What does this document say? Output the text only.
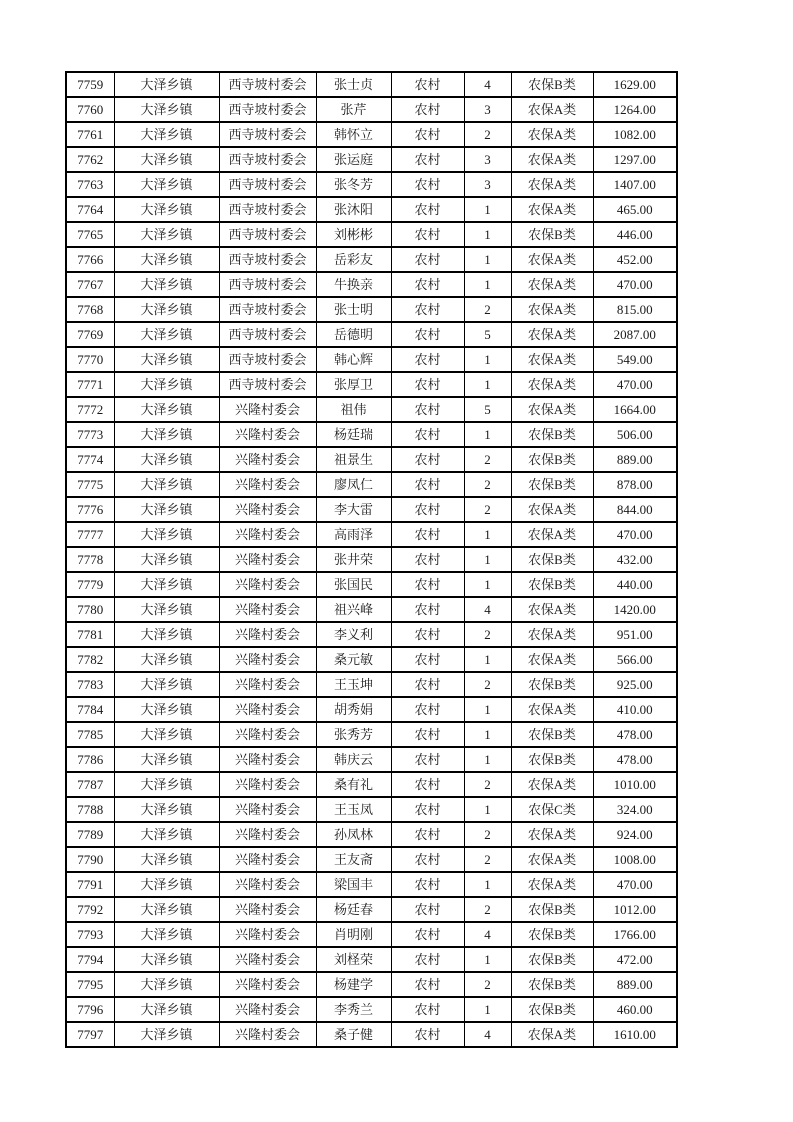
7759	大泽乡镇	西寺坡村委会	张士贞	农村	4	农保B类	1629.00
7760	大泽乡镇	西寺坡村委会	张芹	农村	3	农保A类	1264.00
7761	大泽乡镇	西寺坡村委会	韩怀立	农村	2	农保A类	1082.00
7762	大泽乡镇	西寺坡村委会	张运庭	农村	3	农保A类	1297.00
7763	大泽乡镇	西寺坡村委会	张冬芳	农村	3	农保A类	1407.00
7764	大泽乡镇	西寺坡村委会	张沐阳	农村	1	农保A类	465.00
7765	大泽乡镇	西寺坡村委会	刘彬彬	农村	1	农保B类	446.00
7766	大泽乡镇	西寺坡村委会	岳彩友	农村	1	农保A类	452.00
7767	大泽乡镇	西寺坡村委会	牛换亲	农村	1	农保A类	470.00
7768	大泽乡镇	西寺坡村委会	张士明	农村	2	农保A类	815.00
7769	大泽乡镇	西寺坡村委会	岳德明	农村	5	农保A类	2087.00
7770	大泽乡镇	西寺坡村委会	韩心辉	农村	1	农保A类	549.00
7771	大泽乡镇	西寺坡村委会	张厚卫	农村	1	农保A类	470.00
7772	大泽乡镇	兴隆村委会	祖伟	农村	5	农保A类	1664.00
7773	大泽乡镇	兴隆村委会	杨廷瑞	农村	1	农保B类	506.00
7774	大泽乡镇	兴隆村委会	祖景生	农村	2	农保B类	889.00
7775	大泽乡镇	兴隆村委会	廖凤仁	农村	2	农保B类	878.00
7776	大泽乡镇	兴隆村委会	李大雷	农村	2	农保A类	844.00
7777	大泽乡镇	兴隆村委会	高雨泽	农村	1	农保A类	470.00
7778	大泽乡镇	兴隆村委会	张井荣	农村	1	农保B类	432.00
7779	大泽乡镇	兴隆村委会	张国民	农村	1	农保B类	440.00
7780	大泽乡镇	兴隆村委会	祖兴峰	农村	4	农保A类	1420.00
7781	大泽乡镇	兴隆村委会	李义利	农村	2	农保A类	951.00
7782	大泽乡镇	兴隆村委会	桑元敏	农村	1	农保A类	566.00
7783	大泽乡镇	兴隆村委会	王玉坤	农村	2	农保B类	925.00
7784	大泽乡镇	兴隆村委会	胡秀娟	农村	1	农保A类	410.00
7785	大泽乡镇	兴隆村委会	张秀芳	农村	1	农保B类	478.00
7786	大泽乡镇	兴隆村委会	韩庆云	农村	1	农保B类	478.00
7787	大泽乡镇	兴隆村委会	桑有礼	农村	2	农保A类	1010.00
7788	大泽乡镇	兴隆村委会	王玉凤	农村	1	农保C类	324.00
7789	大泽乡镇	兴隆村委会	孙凤林	农村	2	农保A类	924.00
7790	大泽乡镇	兴隆村委会	王友斋	农村	2	农保A类	1008.00
7791	大泽乡镇	兴隆村委会	梁国丰	农村	1	农保A类	470.00
7792	大泽乡镇	兴隆村委会	杨廷春	农村	2	农保B类	1012.00
7793	大泽乡镇	兴隆村委会	肖明刚	农村	4	农保B类	1766.00
7794	大泽乡镇	兴隆村委会	刘柽荣	农村	1	农保B类	472.00
7795	大泽乡镇	兴隆村委会	杨建学	农村	2	农保B类	889.00
7796	大泽乡镇	兴隆村委会	李秀兰	农村	1	农保B类	460.00
7797	大泽乡镇	兴隆村委会	桑子健	农村	4	农保A类	1610.00
